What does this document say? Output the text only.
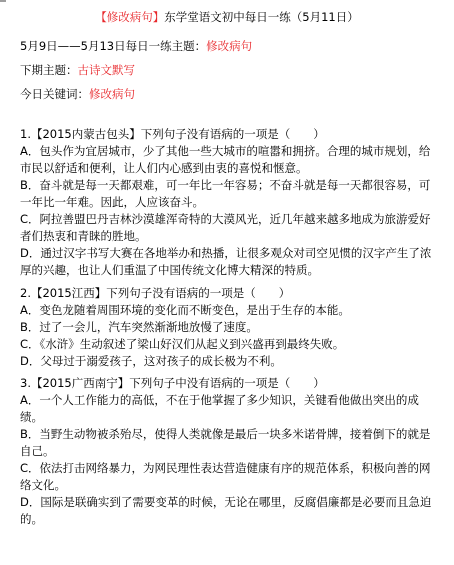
【修改病句】东学堂语文初中每日一练（5月11日）
5月9日——5月13日每日一练主题：修改病句
下期主题：古诗文默写
今日关键词：修改病句

1.【2015内蒙古包头】下列句子没有语病的一项是（　　）

A．包头作为宜居城市，少了其他一些大城市的喧嚣和拥挤。合理的城市规划，给市民以舒适和便利，让人们内心感到由衷的喜悦和惬意。

B．奋斗就是每一天都艰难，可一年比一年容易；不奋斗就是每一天都很容易，可一年比一年难。因此，人应该奋斗。

C．阿拉善盟巴丹吉林沙漠雄浑奇特的大漠风光，近几年越来越多地成为旅游爱好者们热衷和青睐的胜地。

D．通过汉字书写大赛在各地举办和热播，让很多观众对司空见惯的汉字产生了浓厚的兴趣，也让人们重温了中国传统文化博大精深的特质。

2.【2015江西】下列句子没有语病的一项是（　　）

A．变色龙随着周围环境的变化而不断变色，是出于生存的本能。

B．过了一会儿，汽车突然渐渐地放慢了速度。

C．《水浒》生动叙述了梁山好汉们从起义到兴盛再到最终失败。

D．父母过于溺爱孩子，这对孩子的成长极为不利。

3.【2015广西南宁】下列句子中没有语病的一项是（　　）

A．一个人工作能力的高低，不在于他掌握了多少知识，关键看他做出突出的成绩。

B．当野生动物被杀殆尽，使得人类就像是最后一块多米诺骨牌，接着倒下的就是自己。

C．依法打击网络暴力，为网民理性表达营造健康有序的规范体系，积极向善的网络文化。

D．国际是联确实到了需要变革的时候，无论在哪里，反腐倡廉都是必要而且急迫的。
